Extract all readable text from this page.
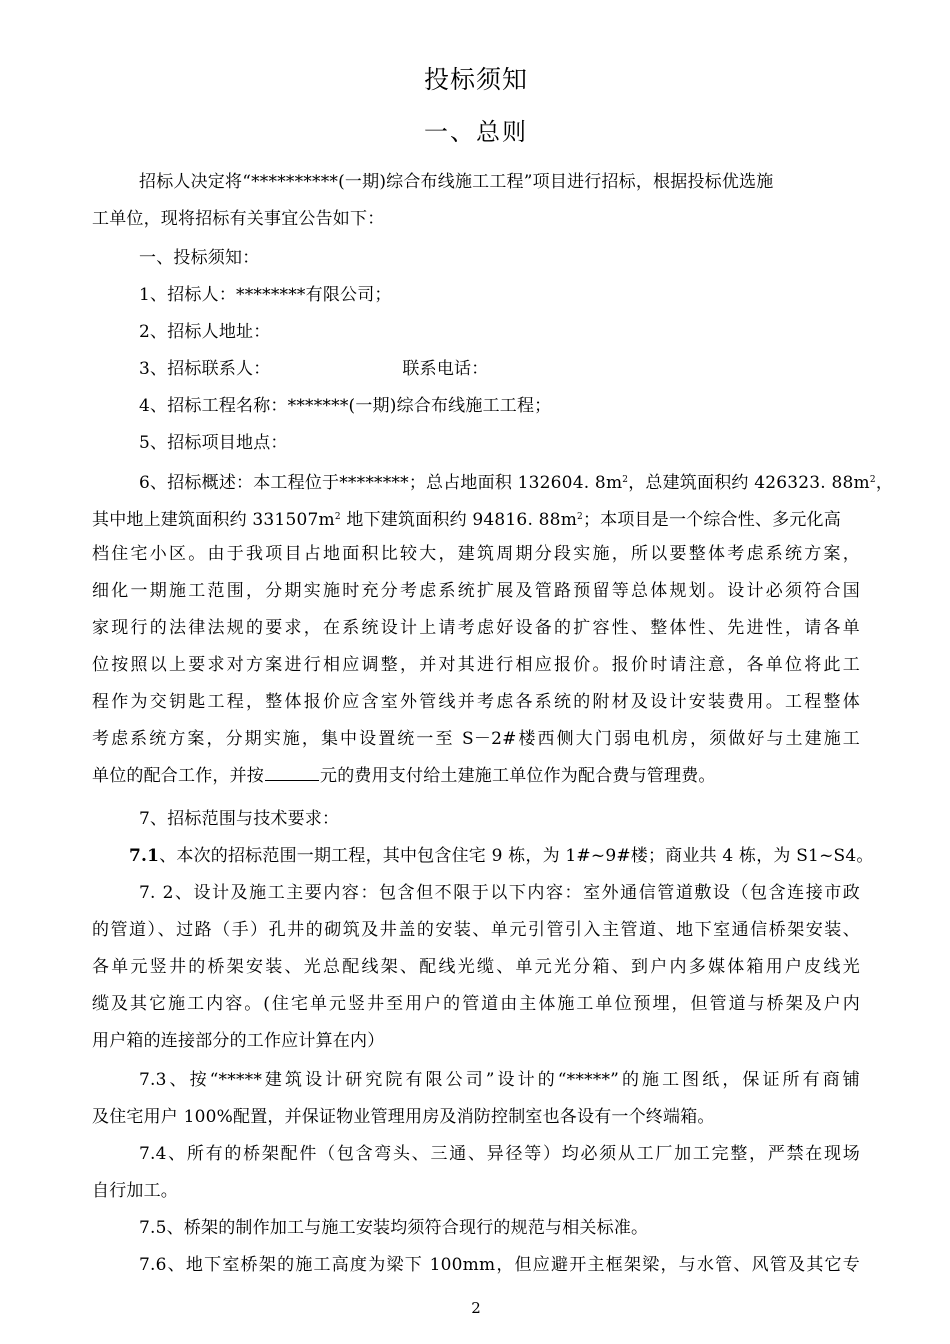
投标须知
一、总则
招标人决定将“**********(一期)综合布线施工工程”项目进行招标，根据投标优选施
工单位，现将招标有关事宜公告如下：
一、投标须知：
1、招标人：********有限公司；
2、招标人地址：
3、招标联系人：	联系电话：
4、招标工程名称：*******(一期)综合布线施工工程；
5、招标项目地点：
6、招标概述：本工程位于********；总占地面积 132604. $8m^2$，总建筑面积约 426323. $88m^2$，
其中地上建筑面积约 $331507m^2$ 地下建筑面积约 94816. $88m^2$；本项目是一个综合性、多元化高
档住宅小区。由于我项目占地面积比较大，建筑周期分段实施，所以要整体考虑系统方案，
细化一期施工范围，分期实施时充分考虑系统扩展及管路预留等总体规划。设计必须符合国
家现行的法律法规的要求，在系统设计上请考虑好设备的扩容性、整体性、先进性，请各单
位按照以上要求对方案进行相应调整，并对其进行相应报价。报价时请注意，各单位将此工
程作为交钥匙工程，整体报价应含室外管线并考虑各系统的附材及设计安装费用。工程整体
考虑系统方案，分期实施，集中设置统一至 S－2#楼西侧大门弱电机房，须做好与土建施工
单位的配合工作，并按	元的费用支付给土建施工单位作为配合费与管理费。
7、招标范围与技术要求：
7.1、本次的招标范围一期工程，其中包含住宅 9 栋，为 1#~9#楼；商业共 4 栋，为 S1~S4。
7. 2、设计及施工主要内容：包含但不限于以下内容：室外通信管道敷设（包含连接市政
的管道）、过路（手）孔井的砌筑及井盖的安装、单元引管引入主管道、地下室通信桥架安装、
各单元竖井的桥架安装、光总配线架、配线光缆、单元光分箱、到户内多媒体箱用户皮线光
缆及其它施工内容。(住宅单元竖井至用户的管道由主体施工单位预埋，但管道与桥架及户内
用户箱的连接部分的工作应计算在内）
7.3、按“*****建筑设计研究院有限公司”设计的“*****”的施工图纸，保证所有商铺
及住宅用户 100%配置，并保证物业管理用房及消防控制室也各设有一个终端箱。
7.4、所有的桥架配件（包含弯头、三通、异径等）均必须从工厂加工完整，严禁在现场
自行加工。
7.5、桥架的制作加工与施工安装均须符合现行的规范与相关标准。
7.6、地下室桥架的施工高度为梁下 100mm，但应避开主框架梁，与水管、风管及其它专
2
